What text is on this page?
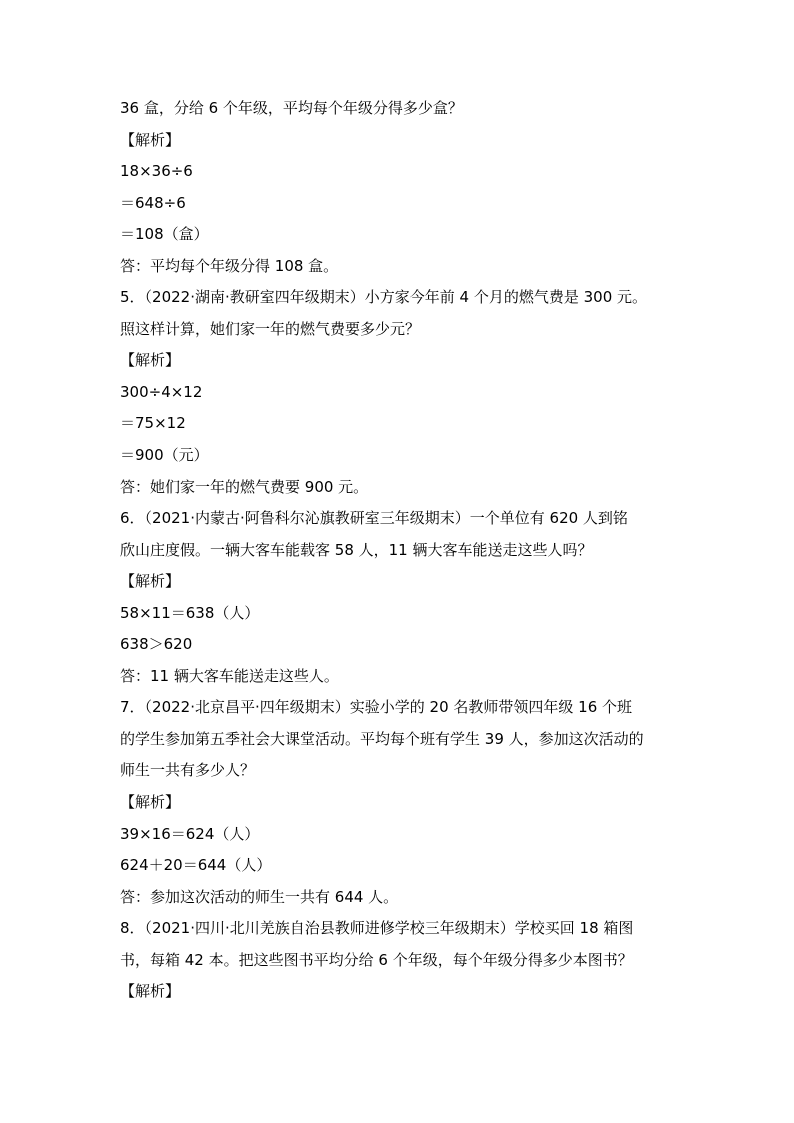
36 盒，分给 6 个年级，平均每个年级分得多少盒？
【解析】
18×36÷6
＝648÷6
＝108（盒）
答：平均每个年级分得 108 盒。
5．（2022·湖南·教研室四年级期末）小方家今年前 4 个月的燃气费是 300 元。
照这样计算，她们家一年的燃气费要多少元？
【解析】
300÷4×12
＝75×12
＝900（元）
答：她们家一年的燃气费要 900 元。
6．（2021·内蒙古·阿鲁科尔沁旗教研室三年级期末）一个单位有 620 人到铭
欣山庄度假。一辆大客车能载客 58 人，11 辆大客车能送走这些人吗？
【解析】
58×11＝638（人）
638＞620
答：11 辆大客车能送走这些人。
7．（2022·北京昌平·四年级期末）实验小学的 20 名教师带领四年级 16 个班
的学生参加第五季社会大课堂活动。平均每个班有学生 39 人，参加这次活动的
师生一共有多少人？
【解析】
39×16＝624（人）
624＋20＝644（人）
答：参加这次活动的师生一共有 644 人。
8．（2021·四川·北川羌族自治县教师进修学校三年级期末）学校买回 18 箱图
书，每箱 42 本。把这些图书平均分给 6 个年级，每个年级分得多少本图书？
【解析】
